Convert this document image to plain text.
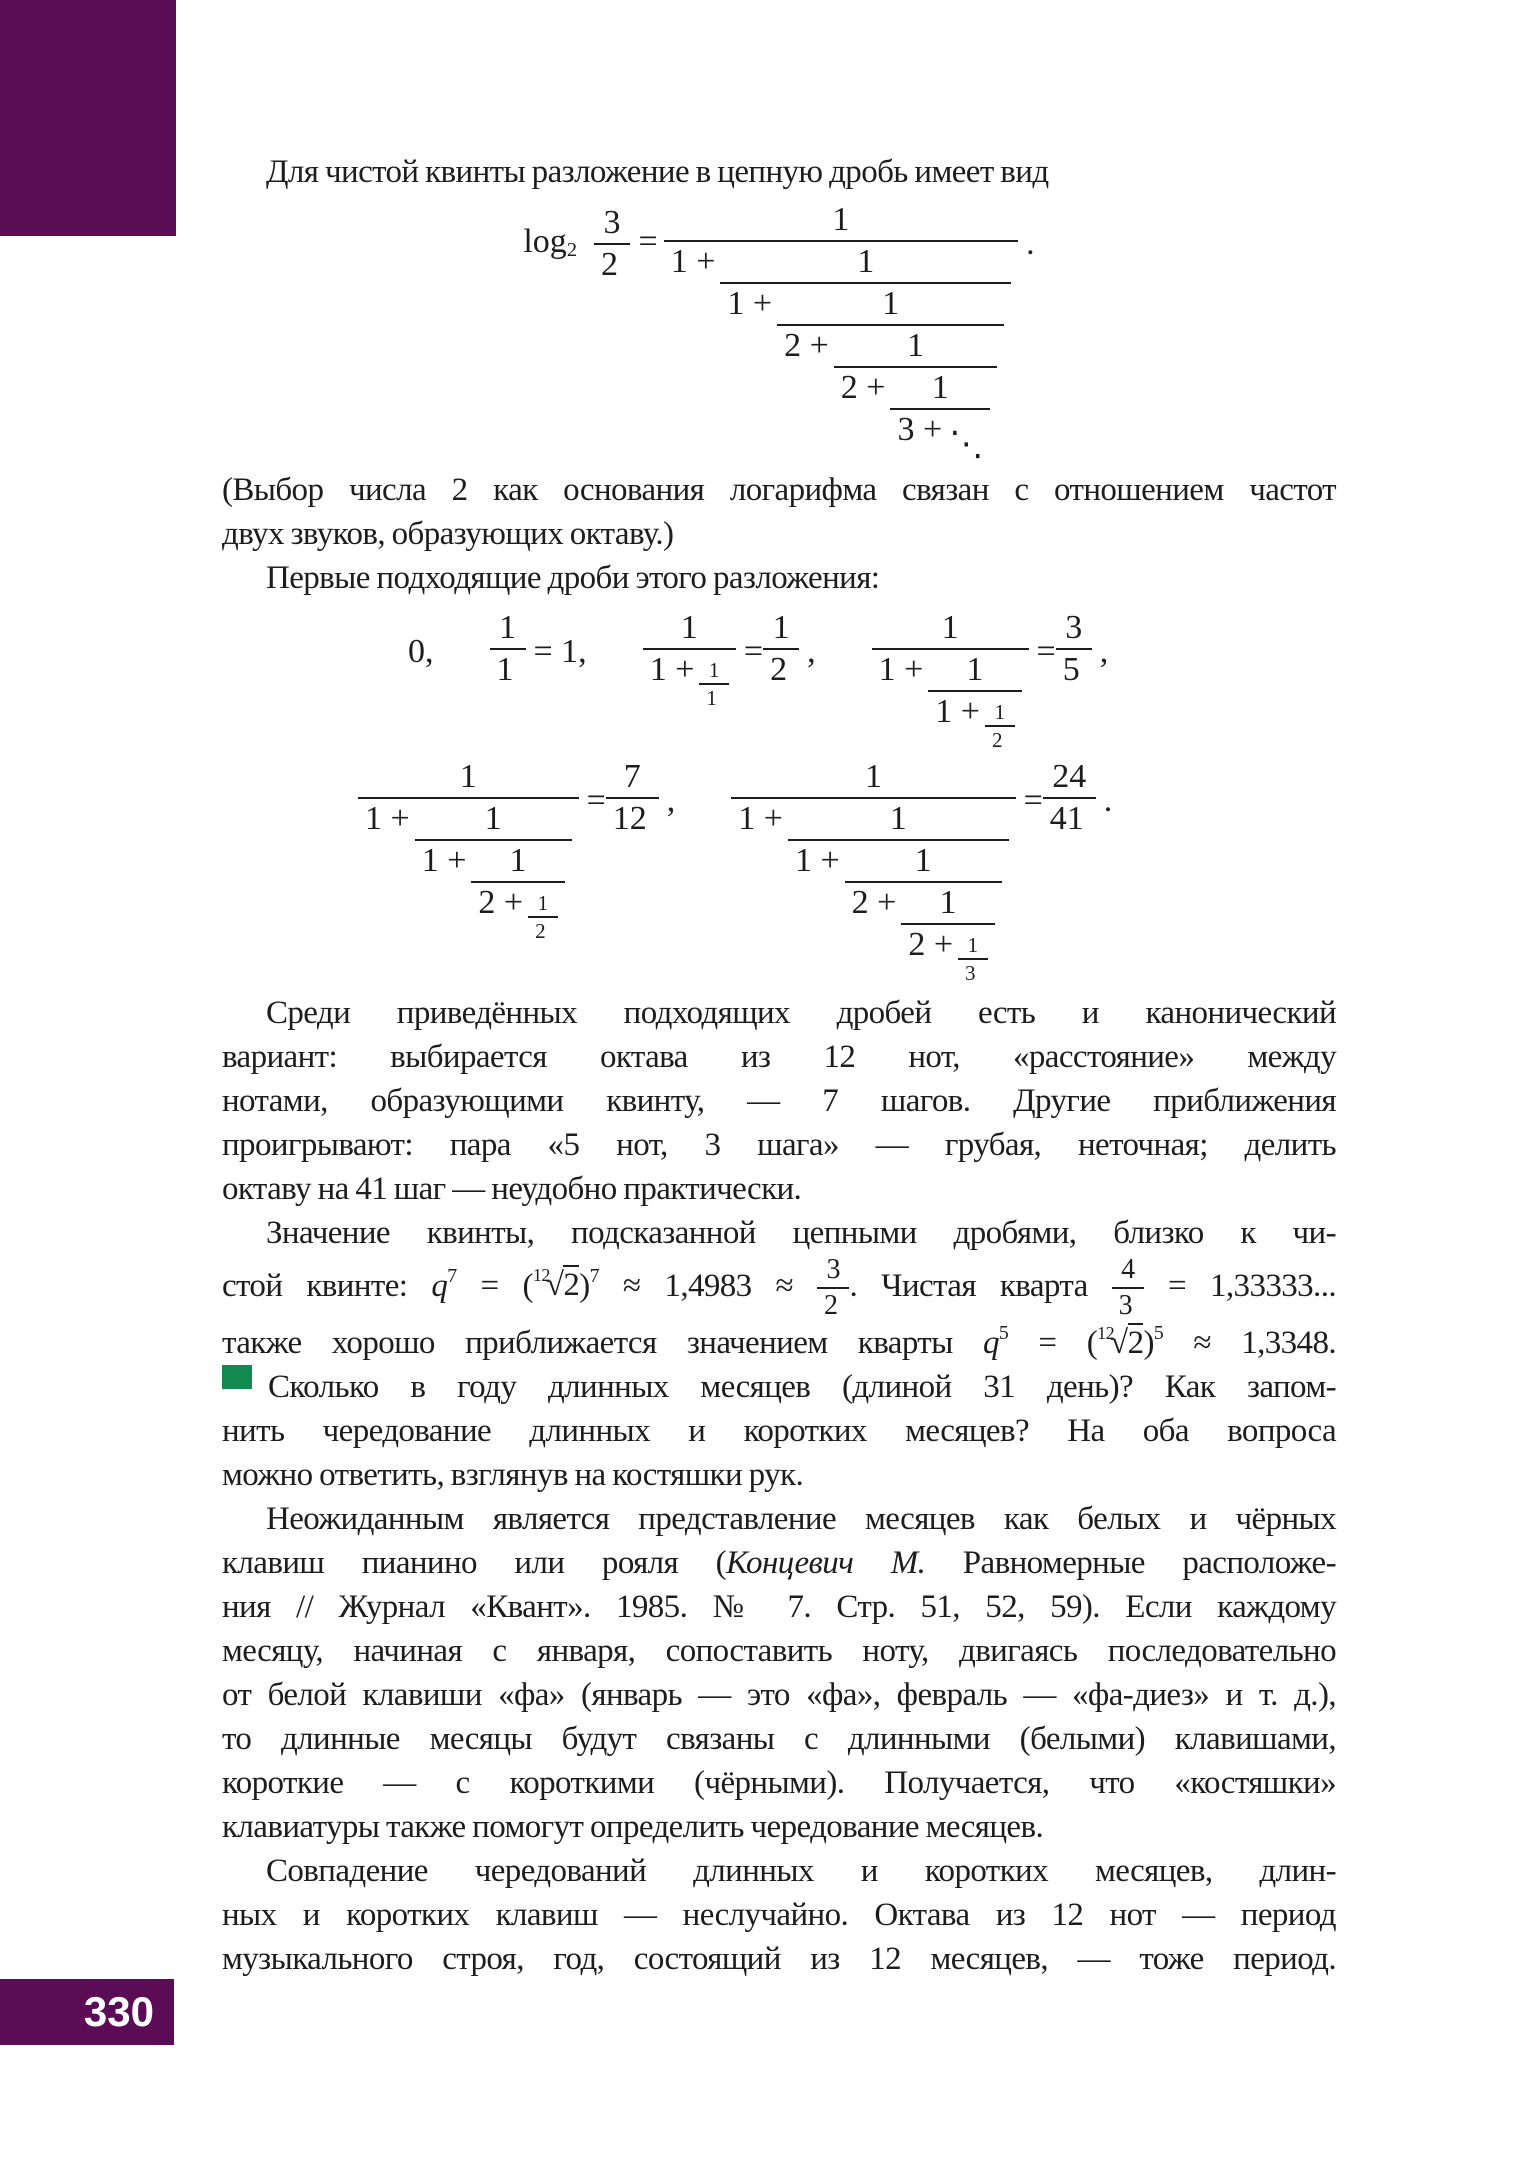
Для чистой квинты разложение в цепную дробь имеет вид
$\log_2 \frac{3}{2} = \frac{1}{1 + \frac{1}{1 + \frac{1}{2 + \frac{1}{2 + \frac{1}{3 + ⋱}}}}}$ .
(Выбор числа 2 как основания логарифма связан с отношением частот
двух звуков, образующих октаву.)
Первые подходящие дроби этого разложения:
0, $\frac{1}{1} = 1$, $\frac{1}{1 + \frac{1}{1}} = \frac{1}{2}$ , $\frac{1}{1 + \frac{1}{1 + \frac{1}{2}}} = \frac{3}{5}$ ,
$\frac{1}{1 + \frac{1}{1 + \frac{1}{2 + \frac{1}{2}}}} = \frac{7}{12}$ , $\frac{1}{1 + \frac{1}{1 + \frac{1}{2 + \frac{1}{2 + \frac{1}{3}}}}} = \frac{24}{41}$ .
Среди приведённых подходящих дробей есть и канонический
вариант: выбирается октава из 12 нот, «расстояние» между
нотами, образующими квинту, — 7 шагов. Другие приближения
проигрывают: пара «5 нот, 3 шага» — грубая, неточная; делить
октаву на 41 шаг — неудобно практически.
Значение квинты, подсказанной цепными дробями, близко к чи-
стой квинте: $q^7 = (^{12}√2)^7 \approx 1,4983 \approx \frac{3}{2}$ . Чистая кварта $\frac{4}{3} = 1,33333$...
также хорошо приближается значением кварты $q^5 = (^{12}√2)^5 \approx 1,3348$.
Сколько в году длинных месяцев (длиной 31 день)? Как запом-
нить чередование длинных и коротких месяцев? На оба вопроса
можно ответить, взглянув на костяшки рук.
Неожиданным является представление месяцев как белых и чёрных
клавиш пианино или рояля (Концевич М. Равномерные расположе-
ния // Журнал «Квант». 1985. № 7. Стр. 51, 52, 59). Если каждому
месяцу, начиная с января, сопоставить ноту, двигаясь последовательно
от белой клавиши «фа» (январь — это «фа», февраль — «фа-диез» и т. д.),
то длинные месяцы будут связаны с длинными (белыми) клавишами,
короткие — с короткими (чёрными). Получается, что «костяшки»
клавиатуры также помогут определить чередование месяцев.
Совпадение чередований длинных и коротких месяцев, длин-
ных и коротких клавиш — неслучайно. Октава из 12 нот — период
музыкального строя, год, состоящий из 12 месяцев, — тоже период.
330
